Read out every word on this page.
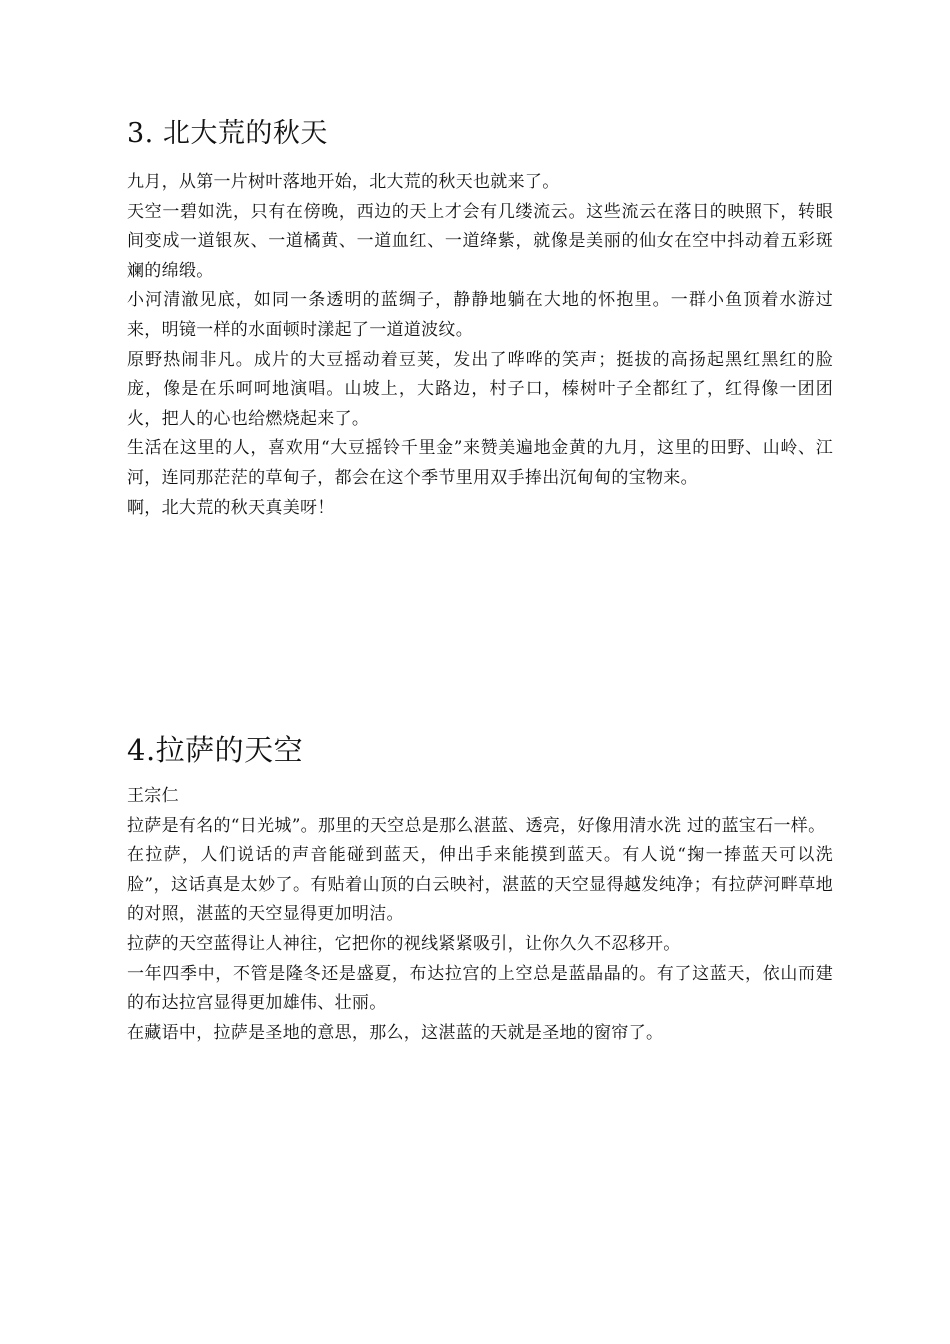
3. 北大荒的秋天

九月，从第一片树叶落地开始，北大荒的秋天也就来了。

天空一碧如洗，只有在傍晚，西边的天上才会有几缕流云。这些流云在落日的映照下，转眼间变成一道银灰、一道橘黄、一道血红、一道绛紫，就像是美丽的仙女在空中抖动着五彩斑斓的绵缎。

小河清澈见底，如同一条透明的蓝绸子，静静地躺在大地的怀抱里。一群小鱼顶着水游过来，明镜一样的水面顿时漾起了一道道波纹。

原野热闹非凡。成片的大豆摇动着豆荚，发出了哗哗的笑声；挺拔的高扬起黑红黑红的脸庞，像是在乐呵呵地演唱。山坡上，大路边，村子口，榛树叶子全都红了，红得像一团团火，把人的心也给燃烧起来了。

生活在这里的人，喜欢用“大豆摇铃千里金”来赞美遍地金黄的九月，这里的田野、山岭、江河，连同那茫茫的草甸子，都会在这个季节里用双手捧出沉甸甸的宝物来。

啊，北大荒的秋天真美呀！

4.拉萨的天空

王宗仁

拉萨是有名的“日光城”。那里的天空总是那么湛蓝、透亮，好像用清水洗 过的蓝宝石一样。

在拉萨，人们说话的声音能碰到蓝天，伸出手来能摸到蓝天。有人说“掬一捧蓝天可以洗脸”，这话真是太妙了。有贴着山顶的白云映衬，湛蓝的天空显得越发纯净；有拉萨河畔草地的对照，湛蓝的天空显得更加明洁。

拉萨的天空蓝得让人神往，它把你的视线紧紧吸引，让你久久不忍移开。

一年四季中，不管是隆冬还是盛夏，布达拉宫的上空总是蓝晶晶的。有了这蓝天，依山而建的布达拉宫显得更加雄伟、壮丽。

在藏语中，拉萨是圣地的意思，那么，这湛蓝的天就是圣地的窗帘了。
